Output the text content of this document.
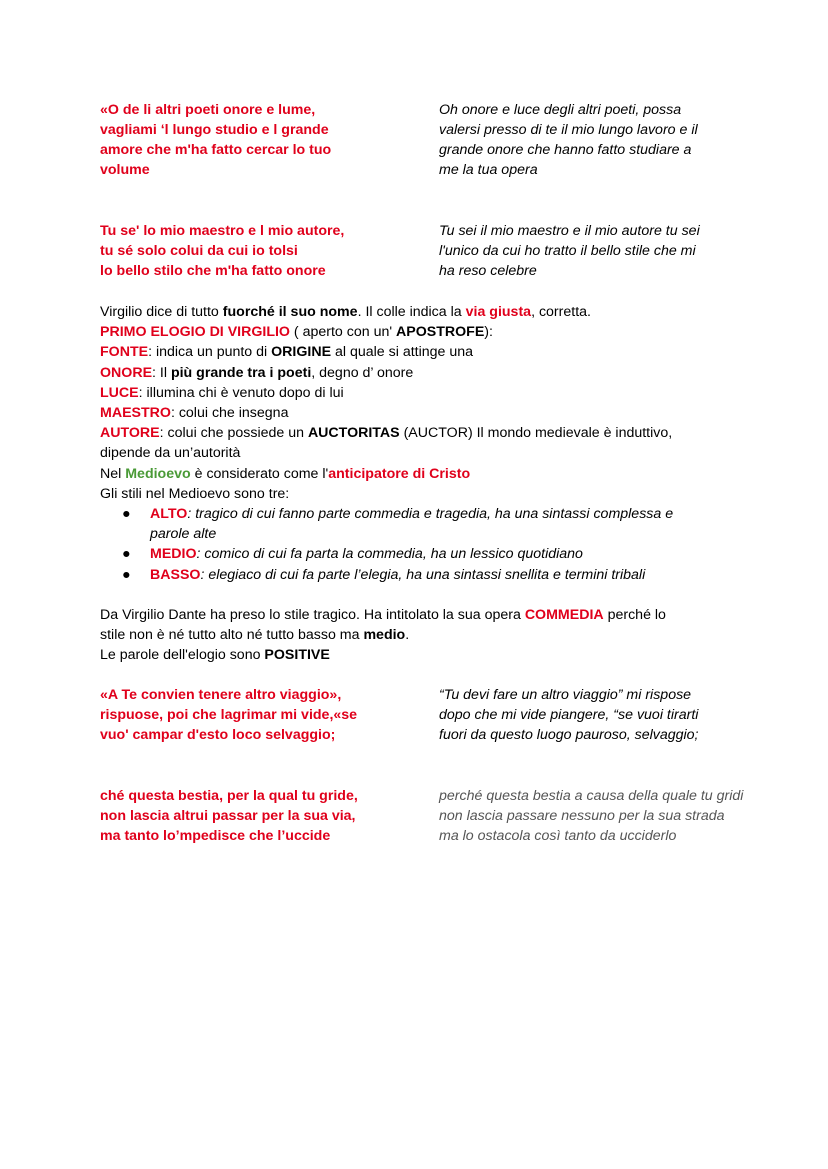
«O de li altri poeti onore e lume,
vagliami ‘l lungo studio e l grande
amore che m'ha fatto cercar lo tuo
volume
Oh onore e luce degli altri poeti, possa
valersi presso di te il mio lungo lavoro e il
grande onore che hanno fatto studiare a
me la tua opera
Tu se' lo mio maestro e l mio autore,
tu sé solo colui da cui io tolsi
lo bello stilo che m'ha fatto onore
Tu sei il mio maestro e il mio autore tu sei
l'unico da cui ho tratto il bello stile che mi
ha reso celebre
Virgilio dice di tutto fuorché il suo nome. Il colle indica la via giusta, corretta.
PRIMO ELOGIO DI VIRGILIO ( aperto con un' APOSTROFE):
FONTE: indica un punto di ORIGINE al quale si attinge una
ONORE: Il più grande tra i poeti, degno d’ onore
LUCE: illumina chi è venuto dopo di lui
MAESTRO: colui che insegna
AUTORE: colui che possiede un AUCTORITAS (AUCTOR) Il mondo medievale è induttivo,
dipende da un’autorità
Nel Medioevo è considerato come l'anticipatore di Cristo
Gli stili nel Medioevo sono tre:
● ALTO: tragico di cui fanno parte commedia e tragedia, ha una sintassi complessa e
parole alte
● MEDIO: comico di cui fa parta la commedia, ha un lessico quotidiano
● BASSO: elegiaco di cui fa parte l’elegia, ha una sintassi snellita e termini tribali
Da Virgilio Dante ha preso lo stile tragico. Ha intitolato la sua opera COMMEDIA perché lo
stile non è né tutto alto né tutto basso ma medio.
Le parole dell'elogio sono POSITIVE
«A Te convien tenere altro viaggio»,
rispuose, poi che lagrimar mi vide,«se
vuo' campar d'esto loco selvaggio;
“Tu devi fare un altro viaggio” mi rispose
dopo che mi vide piangere, “se vuoi tirarti
fuori da questo luogo pauroso, selvaggio;
ché questa bestia, per la qual tu gride,
non lascia altrui passar per la sua via,
ma tanto lo’mpedisce che l’uccide
perché questa bestia a causa della quale tu gridi
non lascia passare nessuno per la sua strada
ma lo ostacola così tanto da ucciderlo
